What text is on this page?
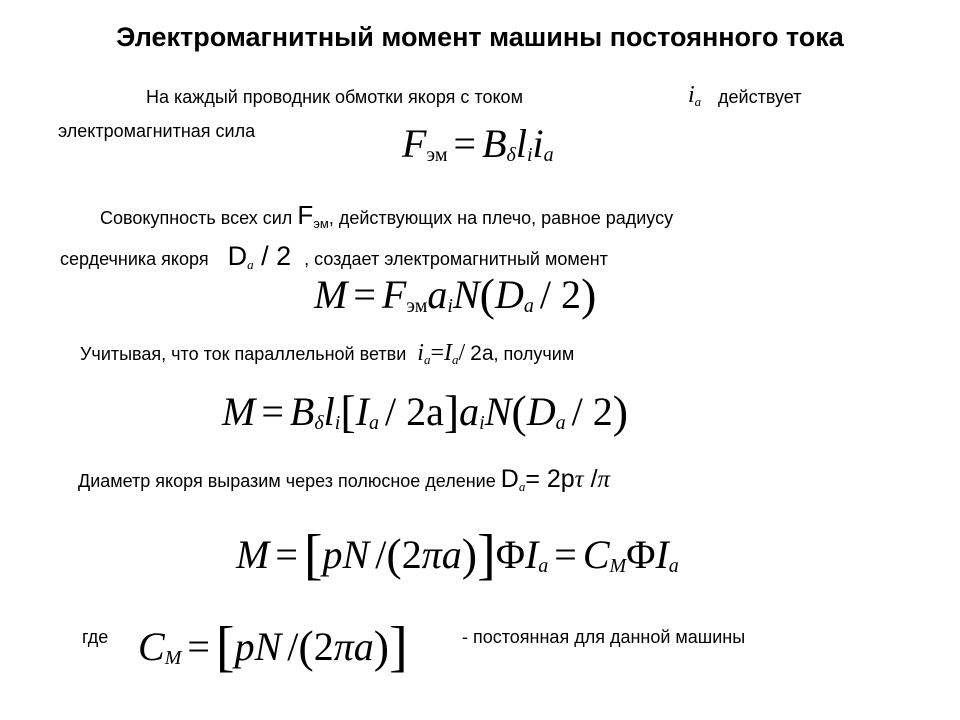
Электромагнитный момент машины постоянного тока
На каждый проводник обмотки якоря с током	$i_a$ действует
электромагнитная сила	$F_{эм} = B_\delta l_ii_a$
Совокупность всех сил $F_{эм}$, действующих на плечо, равное радиусу
сердечника якоря $D_a / 2$ , создает электромагнитный момент
$M = F_{эм}a_iN(D_a / 2)$
Учитывая, что ток параллельной ветви $i_a=I_a/$ 2a, получим
$M = B_\delta l_i[I_a / 2a]a_iN(D_a / 2)$
Диаметр якоря выразим через полюсное деление $D_a= 2p\tau$ /π
M = [pN $/(2\pi a)]\Phi I_a = C_M\Phi I_a$
где $C_M = [pN$ /(2πa)]	- постоянная для данной машины
